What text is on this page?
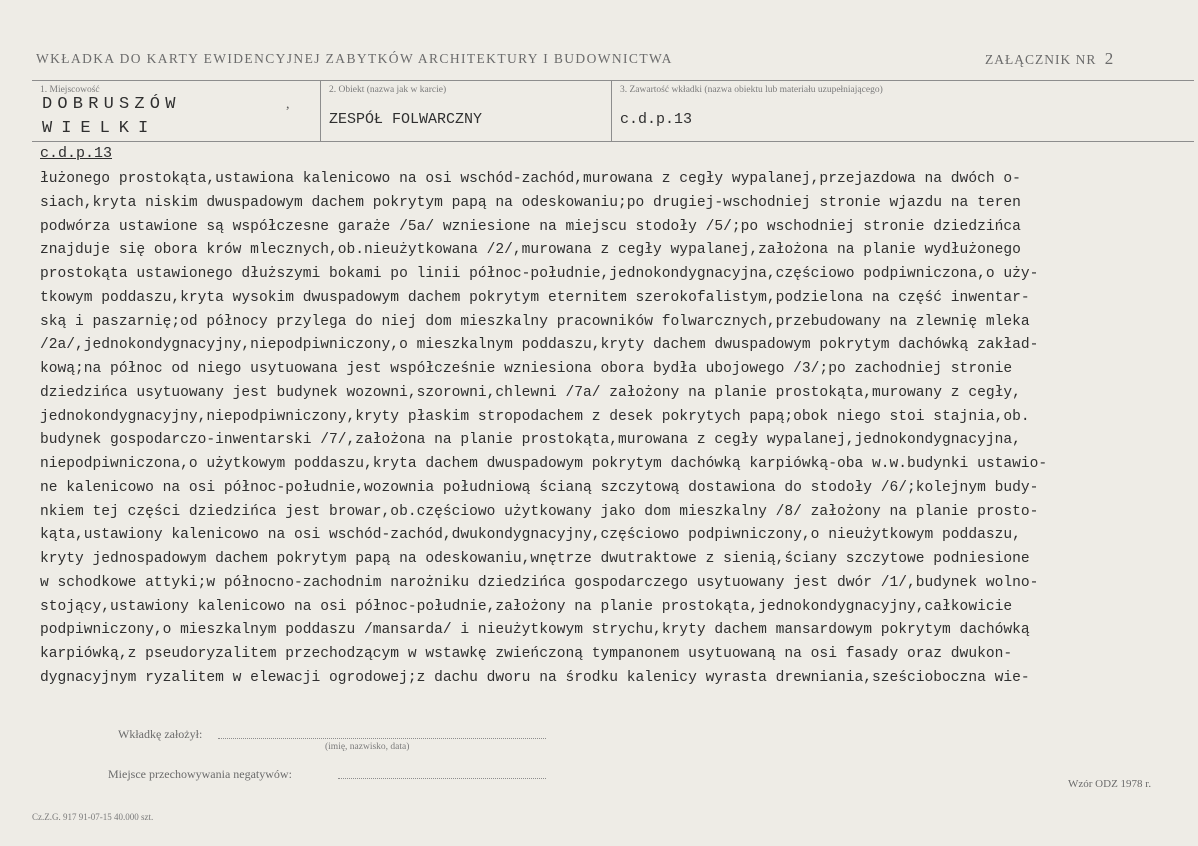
WKŁADKA DO KARTY EWIDENCYJNEJ ZABYTKÓW ARCHITEKTURY I BUDOWNICTWA	ZAŁĄCZNIK NR 2
1. Miejscowość
DOBRUSZÓW
WIELKI
,
2. Obiekt (nazwa jak w karcie)
ZESPÓŁ FOLWARCZNY
3. Zawartość wkładki (nazwa obiektu lub materiału uzupełniającego)
c.d.p.13
c.d.p.13
łużonego prostokąta,ustawiona kalenicowo na osi wschód-zachód,murowana z cegły wypalanej,przejazdowa na dwóch o-
siach,kryta niskim dwuspadowym dachem pokrytym papą na odeskowaniu;po drugiej-wschodniej stronie wjazdu na teren
podwórza ustawione są współczesne garaże /5a/ wzniesione na miejscu stodoły /5/;po wschodniej stronie dziedzińca
znajduje się obora krów mlecznych,ob.nieużytkowana /2/,murowana z cegły wypalanej,założona na planie wydłużonego
prostokąta ustawionego dłuższymi bokami po linii północ-południe,jednokondygnacyjna,częściowo podpiwniczona,o uży-
tkowym poddaszu,kryta wysokim dwuspadowym dachem pokrytym eternitem szerokofalistym,podzielona na część inwentar-
ską i paszarnię;od północy przylega do niej dom mieszkalny pracowników folwarcznych,przebudowany na zlewnię mleka
/2a/,jednokondygnacyjny,niepodpiwniczony,o mieszkalnym poddaszu,kryty dachem dwuspadowym pokrytym dachówką zakład-
kową;na północ od niego usytuowana jest współcześnie wzniesiona obora bydła ubojowego /3/;po zachodniej stronie
dziedzińca usytuowany jest budynek wozowni,szorowni,chlewni /7a/ założony na planie prostokąta,murowany z cegły,
jednokondygnacyjny,niepodpiwniczony,kryty płaskim stropodachem z desek pokrytych papą;obok niego stoi stajnia,ob.
budynek gospodarczo-inwentarski /7/,założona na planie prostokąta,murowana z cegły wypalanej,jednokondygnacyjna,
niepodpiwniczona,o użytkowym poddaszu,kryta dachem dwuspadowym pokrytym dachówką karpiówką-oba w.w.budynki ustawio-
ne kalenicowo na osi północ-południe,wozownia południową ścianą szczytową dostawiona do stodoły /6/;kolejnym budy-
nkiem tej części dziedzińca jest browar,ob.częściowo użytkowany jako dom mieszkalny /8/ założony na planie prosto-
kąta,ustawiony kalenicowo na osi wschód-zachód,dwukondygnacyjny,częściowo podpiwniczony,o nieużytkowym poddaszu,
kryty jednospadowym dachem pokrytym papą na odeskowaniu,wnętrze dwutraktowe z sienią,ściany szczytowe podniesione
w schodkowe attyki;w północno-zachodnim narożniku dziedzińca gospodarczego usytuowany jest dwór /1/,budynek wolno-
stojący,ustawiony kalenicowo na osi północ-południe,założony na planie prostokąta,jednokondygnacyjny,całkowicie
podpiwniczony,o mieszkalnym poddaszu /mansarda/ i nieużytkowym strychu,kryty dachem mansardowym pokrytym dachówką
karpiówką,z pseudoryzalitem przechodzącym w wstawkę zwieńczoną tympanonem usytuowaną na osi fasady oraz dwukon-
dygnacyjnym ryzalitem w elewacji ogrodowej;z dachu dworu na środku kalenicy wyrasta drewniania,sześcioboczna wie-
Wkładkę założył:
(imię, nazwisko, data)
Miejsce przechowywania negatywów:
Wzór ODZ 1978 r.
Cz.Z.G. 917 91-07-15 40.000 szt.
